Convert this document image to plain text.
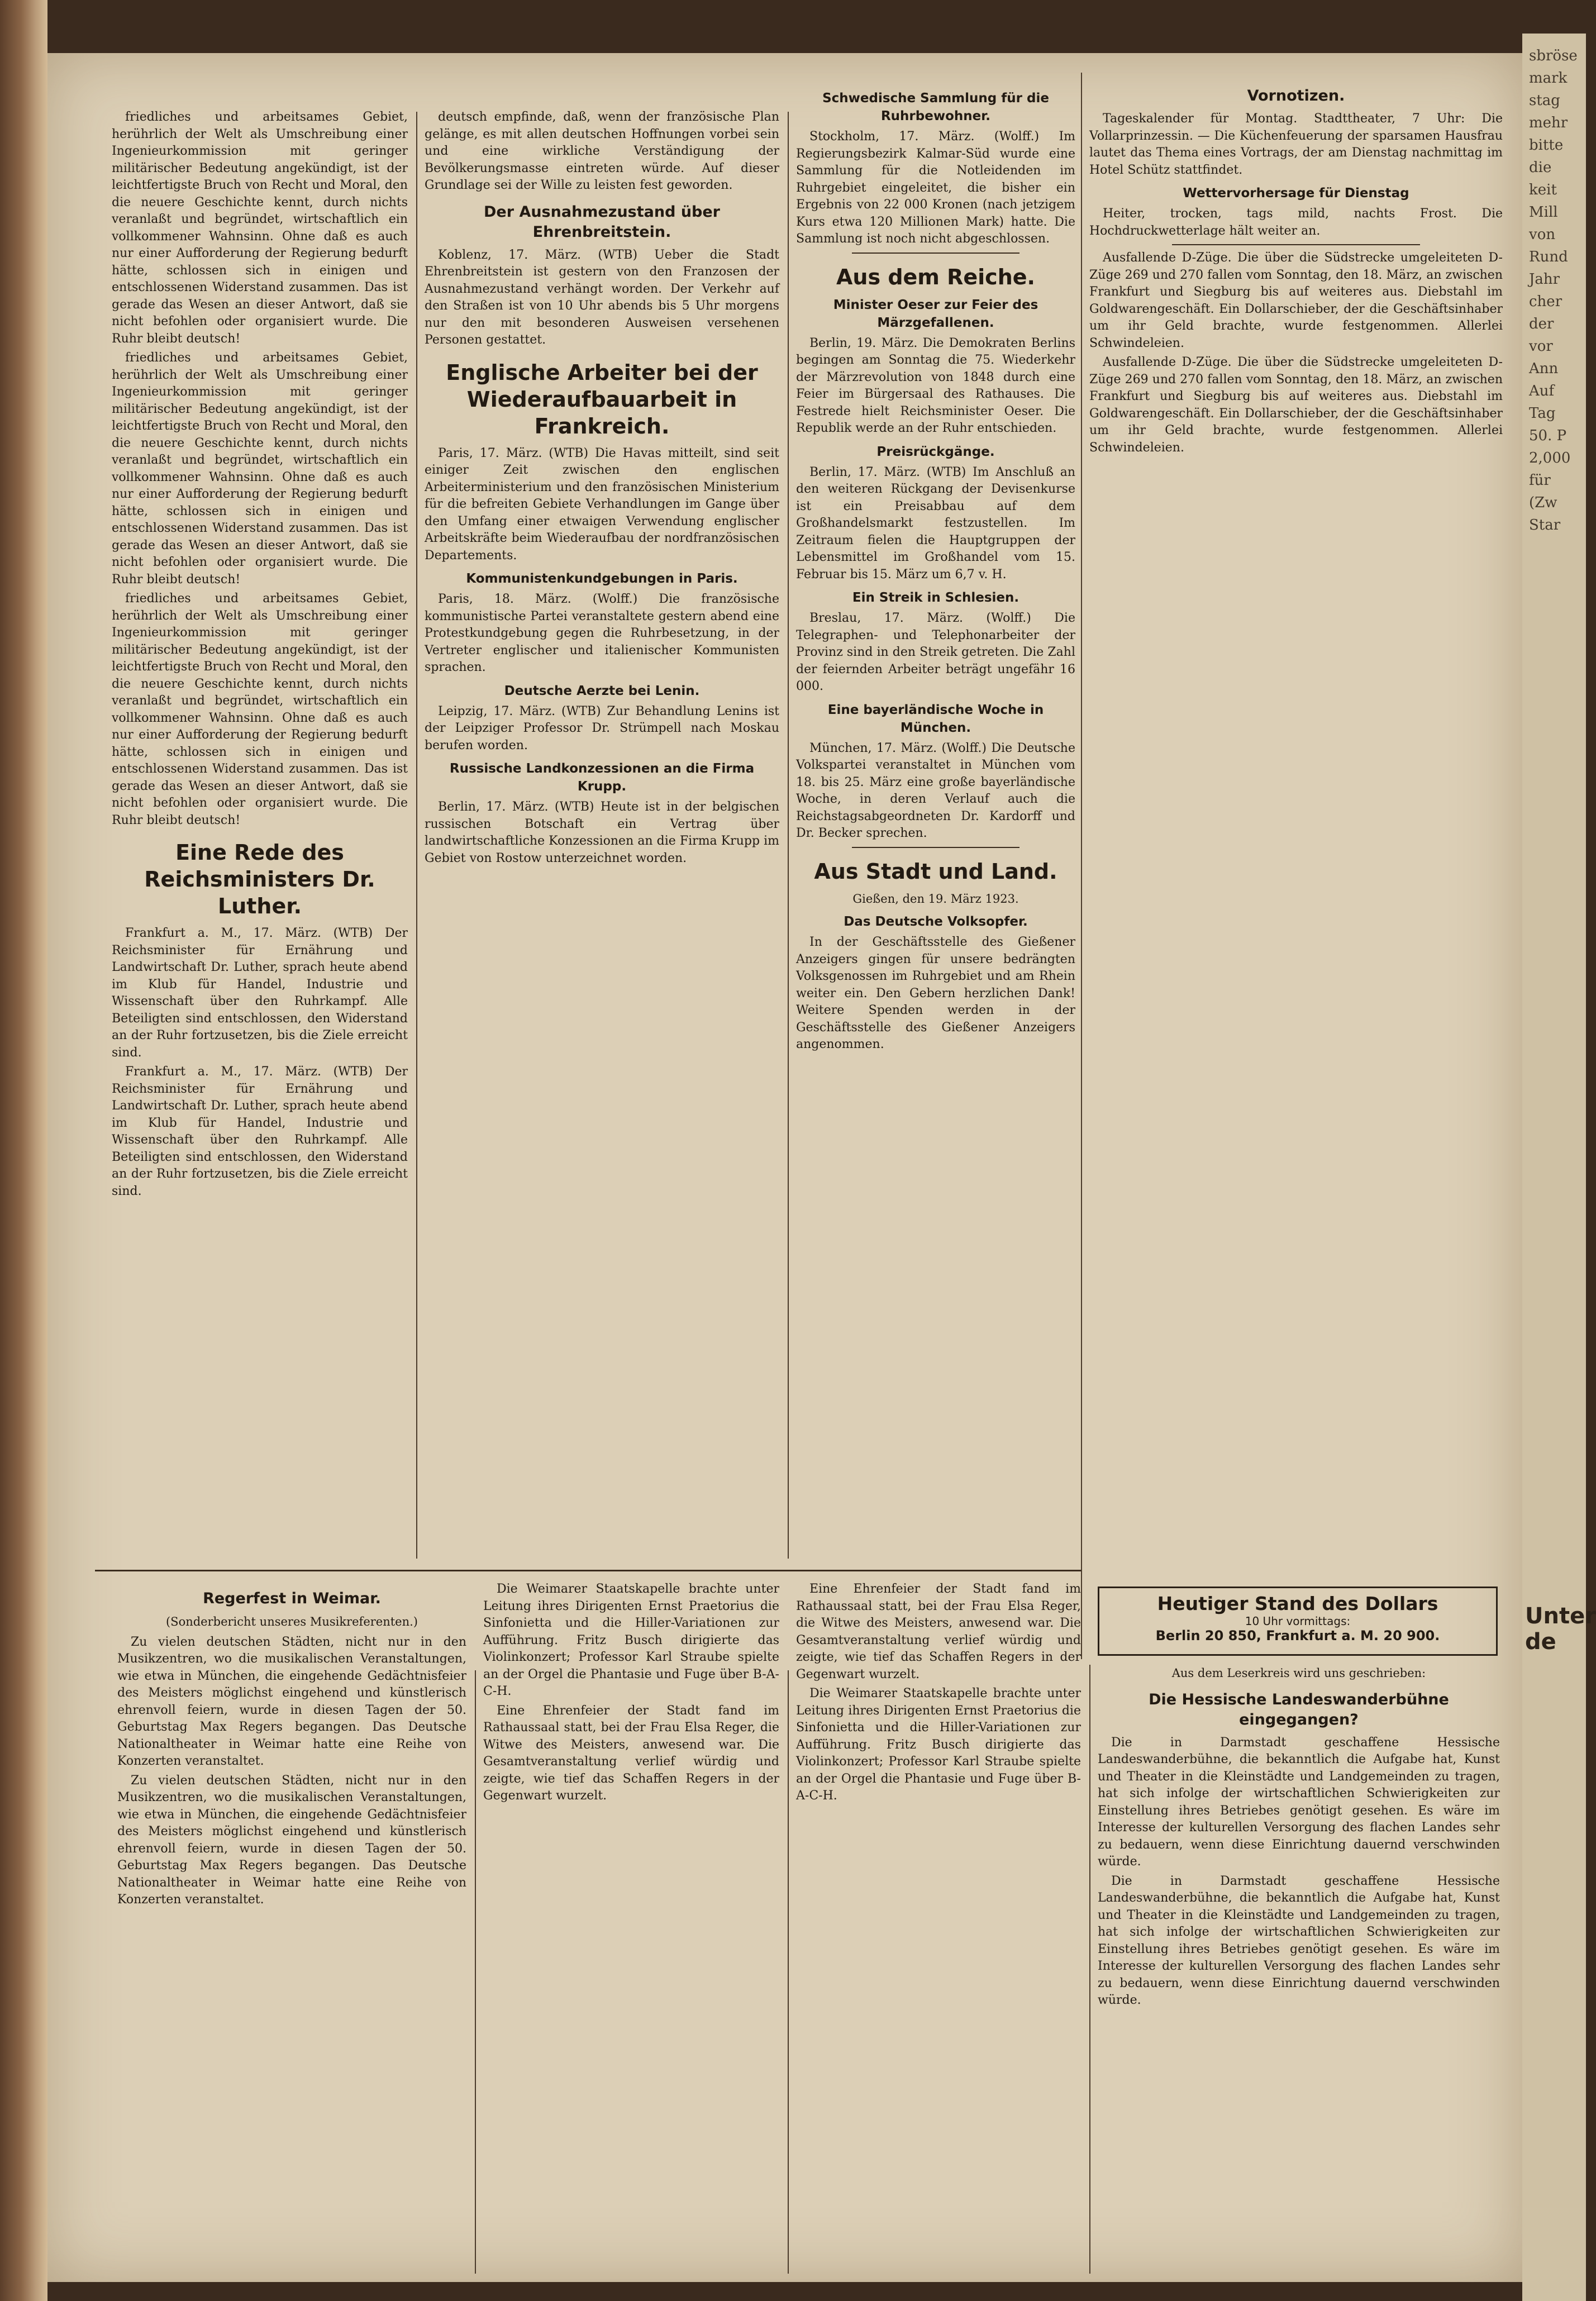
sbröse
mark
stag
mehr
bitte
die
keit
Mill
von
Rund
Jahr
cher
der
vor
Ann
Auf
Tag
50. P
2,000
für
(Zw
Star
Unter de

friedliches und arbeitsames Gebiet, herührlich der Welt als Umschreibung einer Ingenieurkommission mit geringer militärischer Bedeutung angekündigt, ist der leichtfertigste Bruch von Recht und Moral, den die neuere Geschichte kennt, durch nichts veranlaßt und begründet, wirtschaftlich ein vollkommener Wahnsinn. Ohne daß es auch nur einer Aufforderung der Regierung bedurft hätte, schlossen sich in einigen und entschlossenen Widerstand zusammen. Das ist gerade das Wesen an dieser Antwort, daß sie nicht befohlen oder organisiert wurde. Die Ruhr bleibt deutsch!

friedliches und arbeitsames Gebiet, herührlich der Welt als Umschreibung einer Ingenieurkommission mit geringer militärischer Bedeutung angekündigt, ist der leichtfertigste Bruch von Recht und Moral, den die neuere Geschichte kennt, durch nichts veranlaßt und begründet, wirtschaftlich ein vollkommener Wahnsinn. Ohne daß es auch nur einer Aufforderung der Regierung bedurft hätte, schlossen sich in einigen und entschlossenen Widerstand zusammen. Das ist gerade das Wesen an dieser Antwort, daß sie nicht befohlen oder organisiert wurde. Die Ruhr bleibt deutsch!

friedliches und arbeitsames Gebiet, herührlich der Welt als Umschreibung einer Ingenieurkommission mit geringer militärischer Bedeutung angekündigt, ist der leichtfertigste Bruch von Recht und Moral, den die neuere Geschichte kennt, durch nichts veranlaßt und begründet, wirtschaftlich ein vollkommener Wahnsinn. Ohne daß es auch nur einer Aufforderung der Regierung bedurft hätte, schlossen sich in einigen und entschlossenen Widerstand zusammen. Das ist gerade das Wesen an dieser Antwort, daß sie nicht befohlen oder organisiert wurde. Die Ruhr bleibt deutsch!

Eine Rede des Reichsministers Dr. Luther.

Frankfurt a. M., 17. März. (WTB) Der Reichsminister für Ernährung und Landwirtschaft Dr. Luther, sprach heute abend im Klub für Handel, Industrie und Wissenschaft über den Ruhrkampf. Alle Beteiligten sind entschlossen, den Widerstand an der Ruhr fortzusetzen, bis die Ziele erreicht sind.

Frankfurt a. M., 17. März. (WTB) Der Reichsminister für Ernährung und Landwirtschaft Dr. Luther, sprach heute abend im Klub für Handel, Industrie und Wissenschaft über den Ruhrkampf. Alle Beteiligten sind entschlossen, den Widerstand an der Ruhr fortzusetzen, bis die Ziele erreicht sind.

deutsch empfinde, daß, wenn der französische Plan gelänge, es mit allen deutschen Hoffnungen vorbei sein und eine wirkliche Verständigung der Bevölkerungsmasse eintreten würde. Auf dieser Grundlage sei der Wille zu leisten fest geworden.

Der Ausnahmezustand über Ehrenbreitstein.

Koblenz, 17. März. (WTB) Ueber die Stadt Ehrenbreitstein ist gestern von den Franzosen der Ausnahmezustand verhängt worden. Der Verkehr auf den Straßen ist von 10 Uhr abends bis 5 Uhr morgens nur den mit besonderen Ausweisen versehenen Personen gestattet.

Englische Arbeiter bei der Wiederaufbauarbeit in Frankreich.

Paris, 17. März. (WTB) Die Havas mitteilt, sind seit einiger Zeit zwischen den englischen Arbeiterministerium und den französischen Ministerium für die befreiten Gebiete Verhandlungen im Gange über den Umfang einer etwaigen Verwendung englischer Arbeitskräfte beim Wiederaufbau der nordfranzösischen Departements.

Kommunistenkundgebungen in Paris.

Paris, 18. März. (Wolff.) Die französische kommunistische Partei veranstaltete gestern abend eine Protestkundgebung gegen die Ruhrbesetzung, in der Vertreter englischer und italienischer Kommunisten sprachen.

Deutsche Aerzte bei Lenin.

Leipzig, 17. März. (WTB) Zur Behandlung Lenins ist der Leipziger Professor Dr. Strümpell nach Moskau berufen worden.

Russische Landkonzessionen an die Firma Krupp.

Berlin, 17. März. (WTB) Heute ist in der belgischen russischen Botschaft ein Vertrag über landwirtschaftliche Konzessionen an die Firma Krupp im Gebiet von Rostow unterzeichnet worden.

Schwedische Sammlung für die Ruhrbewohner.

Stockholm, 17. März. (Wolff.) Im Regierungsbezirk Kalmar-Süd wurde eine Sammlung für die Notleidenden im Ruhrgebiet eingeleitet, die bisher ein Ergebnis von 22 000 Kronen (nach jetzigem Kurs etwa 120 Millionen Mark) hatte. Die Sammlung ist noch nicht abgeschlossen.

Aus dem Reiche.
Minister Oeser zur Feier des Märzgefallenen.

Berlin, 19. März. Die Demokraten Berlins begingen am Sonntag die 75. Wiederkehr der Märzrevolution von 1848 durch eine Feier im Bürgersaal des Rathauses. Die Festrede hielt Reichsminister Oeser. Die Republik werde an der Ruhr entschieden.

Preisrückgänge.

Berlin, 17. März. (WTB) Im Anschluß an den weiteren Rückgang der Devisenkurse ist ein Preisabbau auf dem Großhandelsmarkt festzustellen. Im Zeitraum fielen die Hauptgruppen der Lebensmittel im Großhandel vom 15. Februar bis 15. März um 6,7 v. H.

Ein Streik in Schlesien.

Breslau, 17. März. (Wolff.) Die Telegraphen- und Telephonarbeiter der Provinz sind in den Streik getreten. Die Zahl der feiernden Arbeiter beträgt ungefähr 16 000.

Eine bayerländische Woche in München.

München, 17. März. (Wolff.) Die Deutsche Volkspartei veranstaltet in München vom 18. bis 25. März eine große bayerländische Woche, in deren Verlauf auch die Reichstagsabgeordneten Dr. Kardorff und Dr. Becker sprechen.

Aus Stadt und Land.
Gießen, den 19. März 1923.
Das Deutsche Volksopfer.

In der Geschäftsstelle des Gießener Anzeigers gingen für unsere bedrängten Volksgenossen im Ruhrgebiet und am Rhein weiter ein. Den Gebern herzlichen Dank! Weitere Spenden werden in der Geschäftsstelle des Gießener Anzeigers angenommen.

Vornotizen.

Tageskalender für Montag. Stadttheater, 7 Uhr: Die Vollarprinzessin. — Die Küchenfeuerung der sparsamen Hausfrau lautet das Thema eines Vortrags, der am Dienstag nachmittag im Hotel Schütz stattfindet.

Wettervorhersage für Dienstag

Heiter, trocken, tags mild, nachts Frost. Die Hochdruckwetterlage hält weiter an.

Ausfallende D-Züge. Die über die Südstrecke umgeleiteten D-Züge 269 und 270 fallen vom Sonntag, den 18. März, an zwischen Frankfurt und Siegburg bis auf weiteres aus. Diebstahl im Goldwarengeschäft. Ein Dollarschieber, der die Geschäftsinhaber um ihr Geld brachte, wurde festgenommen. Allerlei Schwindeleien.

Ausfallende D-Züge. Die über die Südstrecke umgeleiteten D-Züge 269 und 270 fallen vom Sonntag, den 18. März, an zwischen Frankfurt und Siegburg bis auf weiteres aus. Diebstahl im Goldwarengeschäft. Ein Dollarschieber, der die Geschäftsinhaber um ihr Geld brachte, wurde festgenommen. Allerlei Schwindeleien.

Heutiger Stand des Dollars
10 Uhr vormittags:
Berlin 20 850, Frankfurt a. M. 20 900.
Regerfest in Weimar.
(Sonderbericht unseres Musikreferenten.)

Zu vielen deutschen Städten, nicht nur in den Musikzentren, wo die musikalischen Veranstaltungen, wie etwa in München, die eingehende Gedächtnisfeier des Meisters möglichst eingehend und künstlerisch ehrenvoll feiern, wurde in diesen Tagen der 50. Geburtstag Max Regers begangen. Das Deutsche Nationaltheater in Weimar hatte eine Reihe von Konzerten veranstaltet.

Zu vielen deutschen Städten, nicht nur in den Musikzentren, wo die musikalischen Veranstaltungen, wie etwa in München, die eingehende Gedächtnisfeier des Meisters möglichst eingehend und künstlerisch ehrenvoll feiern, wurde in diesen Tagen der 50. Geburtstag Max Regers begangen. Das Deutsche Nationaltheater in Weimar hatte eine Reihe von Konzerten veranstaltet.

Die Weimarer Staatskapelle brachte unter Leitung ihres Dirigenten Ernst Praetorius die Sinfonietta und die Hiller-Variationen zur Aufführung. Fritz Busch dirigierte das Violinkonzert; Professor Karl Straube spielte an der Orgel die Phantasie und Fuge über B-A-C-H.

Eine Ehrenfeier der Stadt fand im Rathaussaal statt, bei der Frau Elsa Reger, die Witwe des Meisters, anwesend war. Die Gesamtveranstaltung verlief würdig und zeigte, wie tief das Schaffen Regers in der Gegenwart wurzelt.

Eine Ehrenfeier der Stadt fand im Rathaussaal statt, bei der Frau Elsa Reger, die Witwe des Meisters, anwesend war. Die Gesamtveranstaltung verlief würdig und zeigte, wie tief das Schaffen Regers in der Gegenwart wurzelt.

Die Weimarer Staatskapelle brachte unter Leitung ihres Dirigenten Ernst Praetorius die Sinfonietta und die Hiller-Variationen zur Aufführung. Fritz Busch dirigierte das Violinkonzert; Professor Karl Straube spielte an der Orgel die Phantasie und Fuge über B-A-C-H.

Aus dem Leserkreis wird uns geschrieben:
Die Hessische Landeswanderbühne eingegangen?

Die in Darmstadt geschaffene Hessische Landeswanderbühne, die bekanntlich die Aufgabe hat, Kunst und Theater in die Kleinstädte und Landgemeinden zu tragen, hat sich infolge der wirtschaftlichen Schwierigkeiten zur Einstellung ihres Betriebes genötigt gesehen. Es wäre im Interesse der kulturellen Versorgung des flachen Landes sehr zu bedauern, wenn diese Einrichtung dauernd verschwinden würde.

Die in Darmstadt geschaffene Hessische Landeswanderbühne, die bekanntlich die Aufgabe hat, Kunst und Theater in die Kleinstädte und Landgemeinden zu tragen, hat sich infolge der wirtschaftlichen Schwierigkeiten zur Einstellung ihres Betriebes genötigt gesehen. Es wäre im Interesse der kulturellen Versorgung des flachen Landes sehr zu bedauern, wenn diese Einrichtung dauernd verschwinden würde.
